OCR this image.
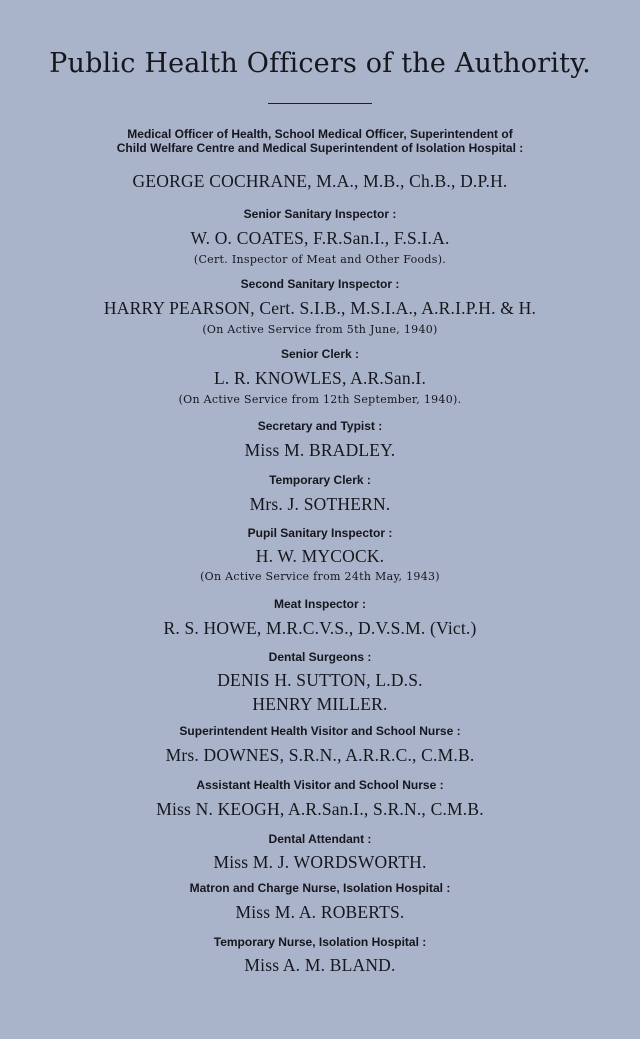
Public Health Officers of the Authority.

Medical Officer of Health, School Medical Officer, Superintendent of

Child Welfare Centre and Medical Superintendent of Isolation Hospital :

GEORGE COCHRANE, M.A., M.B., Ch.B., D.P.H.

Senior Sanitary Inspector :

W. O. COATES, F.R.San.I., F.S.I.A.

(Cert. Inspector of Meat and Other Foods).

Second Sanitary Inspector :

HARRY PEARSON, Cert. S.I.B., M.S.I.A., A.R.I.P.H. & H.

(On Active Service from 5th June, 1940)

Senior Clerk :

L. R. KNOWLES, A.R.San.I.

(On Active Service from 12th September, 1940).

Secretary and Typist :

Miss M. BRADLEY.

Temporary Clerk :

Mrs. J. SOTHERN.

Pupil Sanitary Inspector :

H. W. MYCOCK.

(On Active Service from 24th May, 1943)

Meat Inspector :

R. S. HOWE, M.R.C.V.S., D.V.S.M. (Vict.)

Dental Surgeons :

DENIS H. SUTTON, L.D.S.

HENRY MILLER.

Superintendent Health Visitor and School Nurse :

Mrs. DOWNES, S.R.N., A.R.R.C., C.M.B.

Assistant Health Visitor and School Nurse :

Miss N. KEOGH, A.R.San.I., S.R.N., C.M.B.

Dental Attendant :

Miss M. J. WORDSWORTH.

Matron and Charge Nurse, Isolation Hospital :

Miss M. A. ROBERTS.

Temporary Nurse, Isolation Hospital :

Miss A. M. BLAND.
